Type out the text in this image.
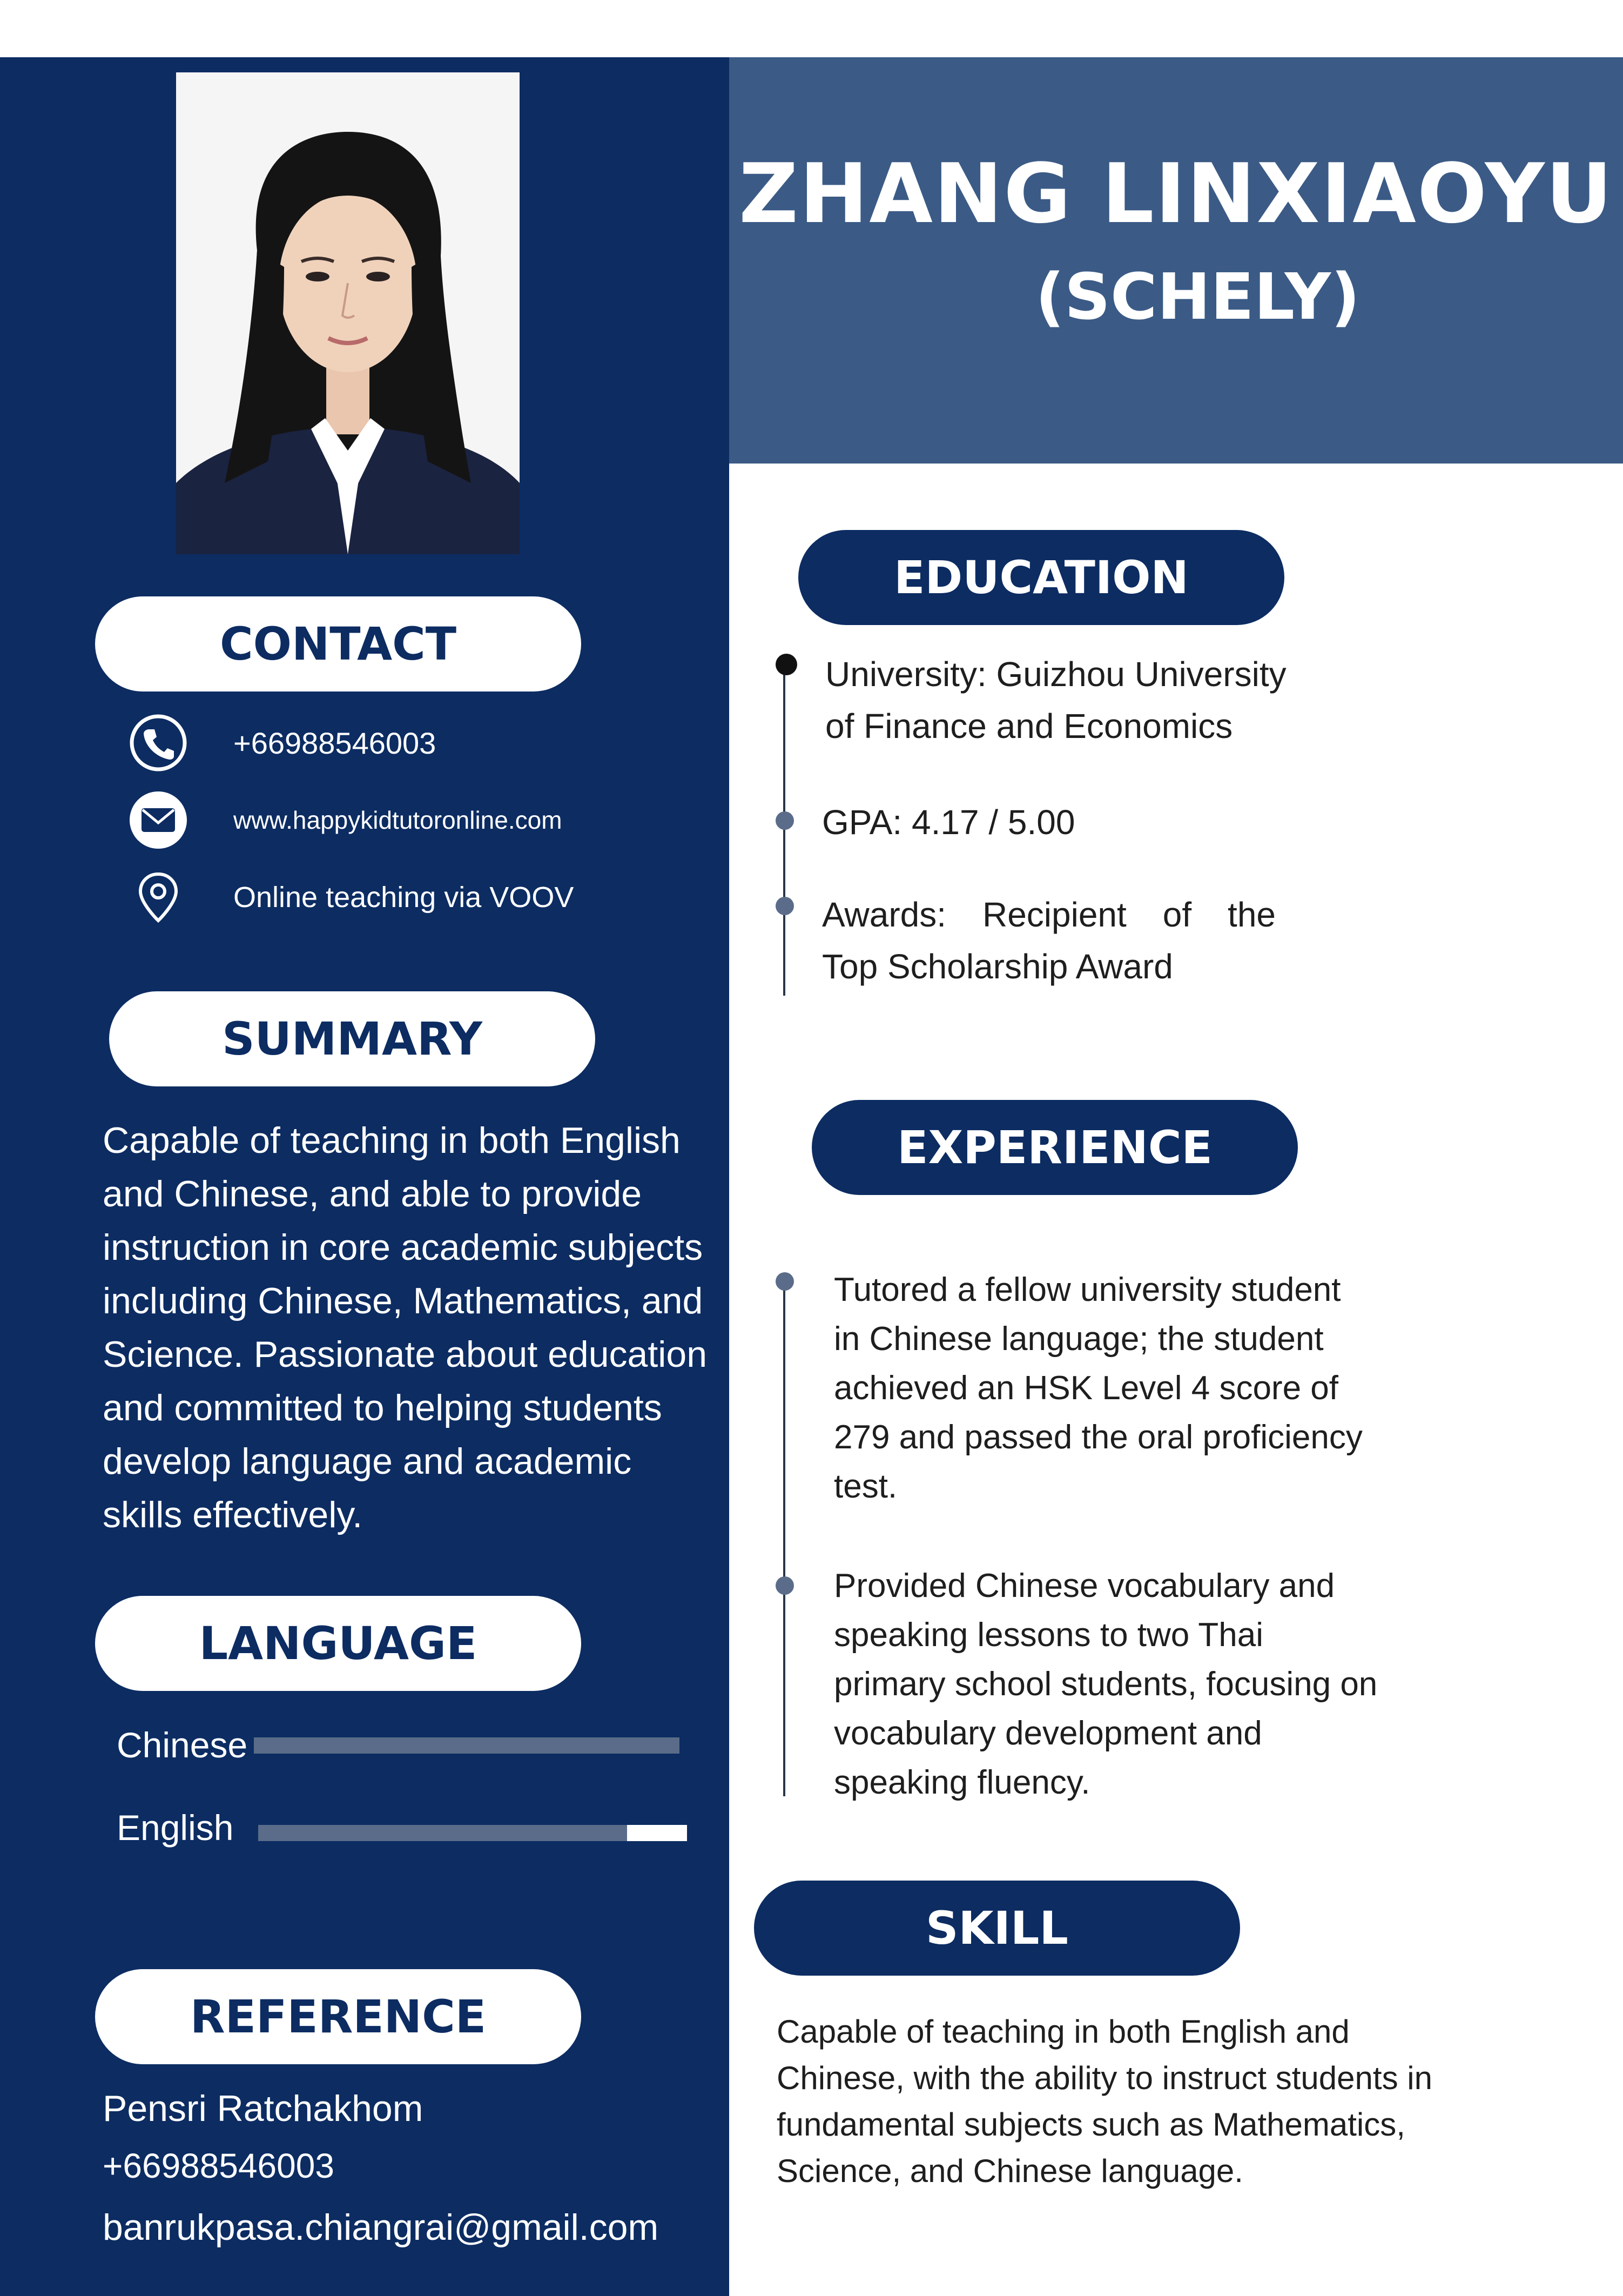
ZHANG LINXIAOYU
(SCHELY)
CONTACT
+66988546003
www.happykidtutoronline.com
Online teaching via VOOV
SUMMARY
Capable of teaching in both English
and Chinese, and able to provide
instruction in core academic subjects
including Chinese, Mathematics, and
Science. Passionate about education
and committed to helping students
develop language and academic
skills effectively.
LANGUAGE
Chinese
English
REFERENCE
Pensri Ratchakhom
+66988546003
banrukpasa.chiangrai@gmail.com
EDUCATION
University: Guizhou University
of Finance and Economics
GPA: 4.17 / 5.00
Awards: Recipient of the
Top Scholarship Award
EXPERIENCE
Tutored a fellow university student
in Chinese language; the student
achieved an HSK Level 4 score of
279 and passed the oral proficiency
test.
Provided Chinese vocabulary and
speaking lessons to two Thai
primary school students, focusing on
vocabulary development and
speaking fluency.
SKILL
Capable of teaching in both English and
Chinese, with the ability to instruct students in
fundamental subjects such as Mathematics,
Science, and Chinese language.
